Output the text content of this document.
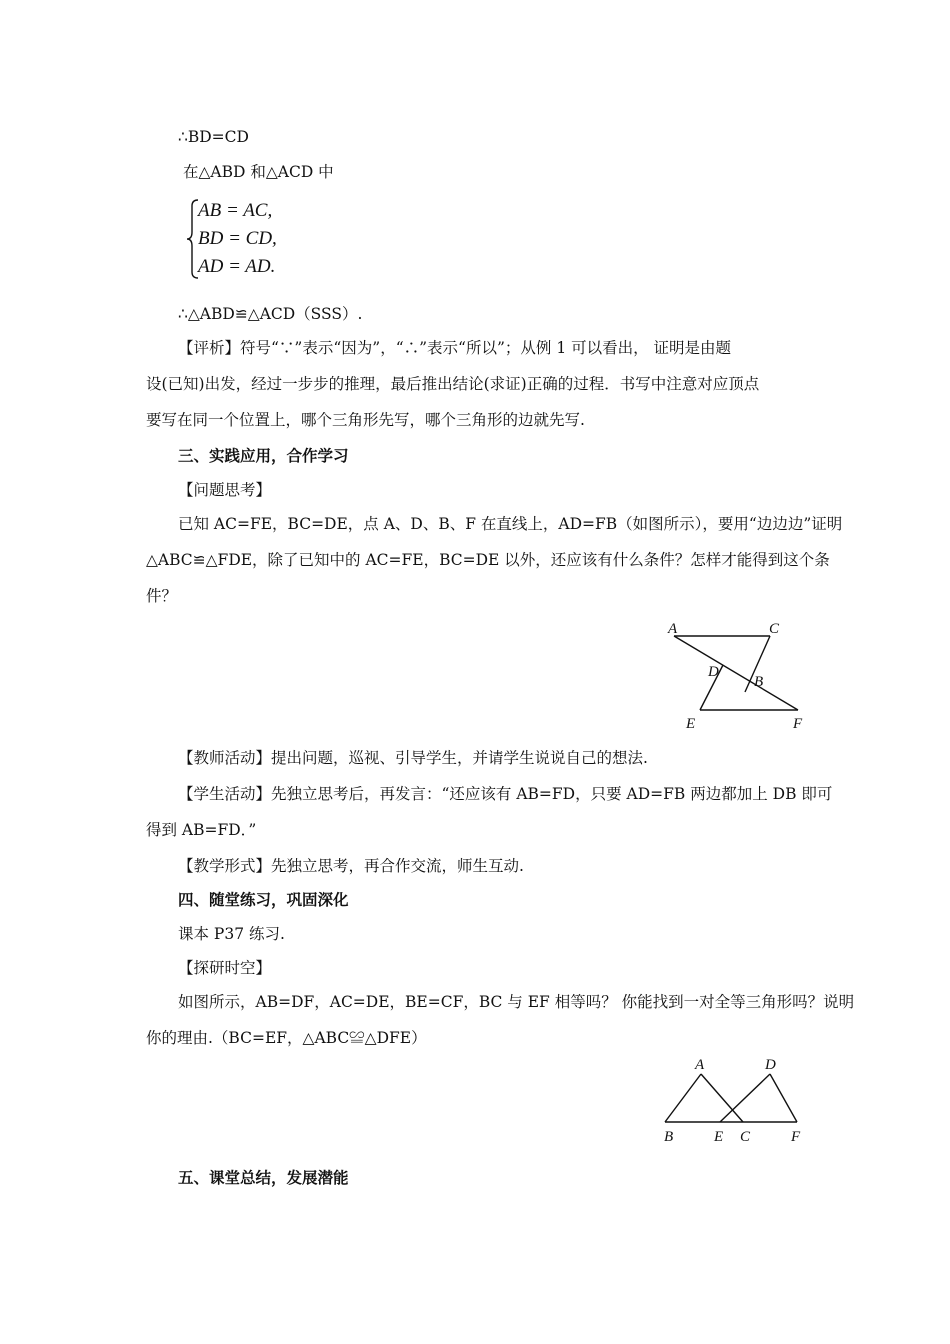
∴BD=CD
在△ABD 和△ACD 中
AB = AC,
BD = CD,
AD = AD.
∴△ABD≌△ACD（SSS）.
【评析】符号“∵”表示“因为”，“∴”表示“所以”；从例 1 可以看出， 证明是由题
设(已知)出发，经过一步步的推理，最后推出结论(求证)正确的过程．书写中注意对应顶点
要写在同一个位置上，哪个三角形先写，哪个三角形的边就先写.
三、实践应用，合作学习
【问题思考】
已知 AC=FE，BC=DE，点 A、D、B、F 在直线上，AD=FB（如图所示），要用“边边边”证明
△ABC≌△FDE，除了已知中的 AC=FE，BC=DE 以外，还应该有什么条件？怎样才能得到这个条
件？
A	C
D
B
E	F
【教师活动】提出问题，巡视、引导学生，并请学生说说自己的想法.
【学生活动】先独立思考后，再发言：“还应该有 AB=FD，只要 AD=FB 两边都加上 DB 即可
得到 AB=FD．”
【教学形式】先独立思考，再合作交流，师生互动.
四、随堂练习，巩固深化
课本 P37 练习.
【探研时空】
如图所示，AB=DF，AC=DE，BE=CF，BC 与 EF 相等吗？ 你能找到一对全等三角形吗？说明
你的理由.（BC=EF，△ABC≌△DFE）
A	D
B	E C	F
五、课堂总结，发展潜能
